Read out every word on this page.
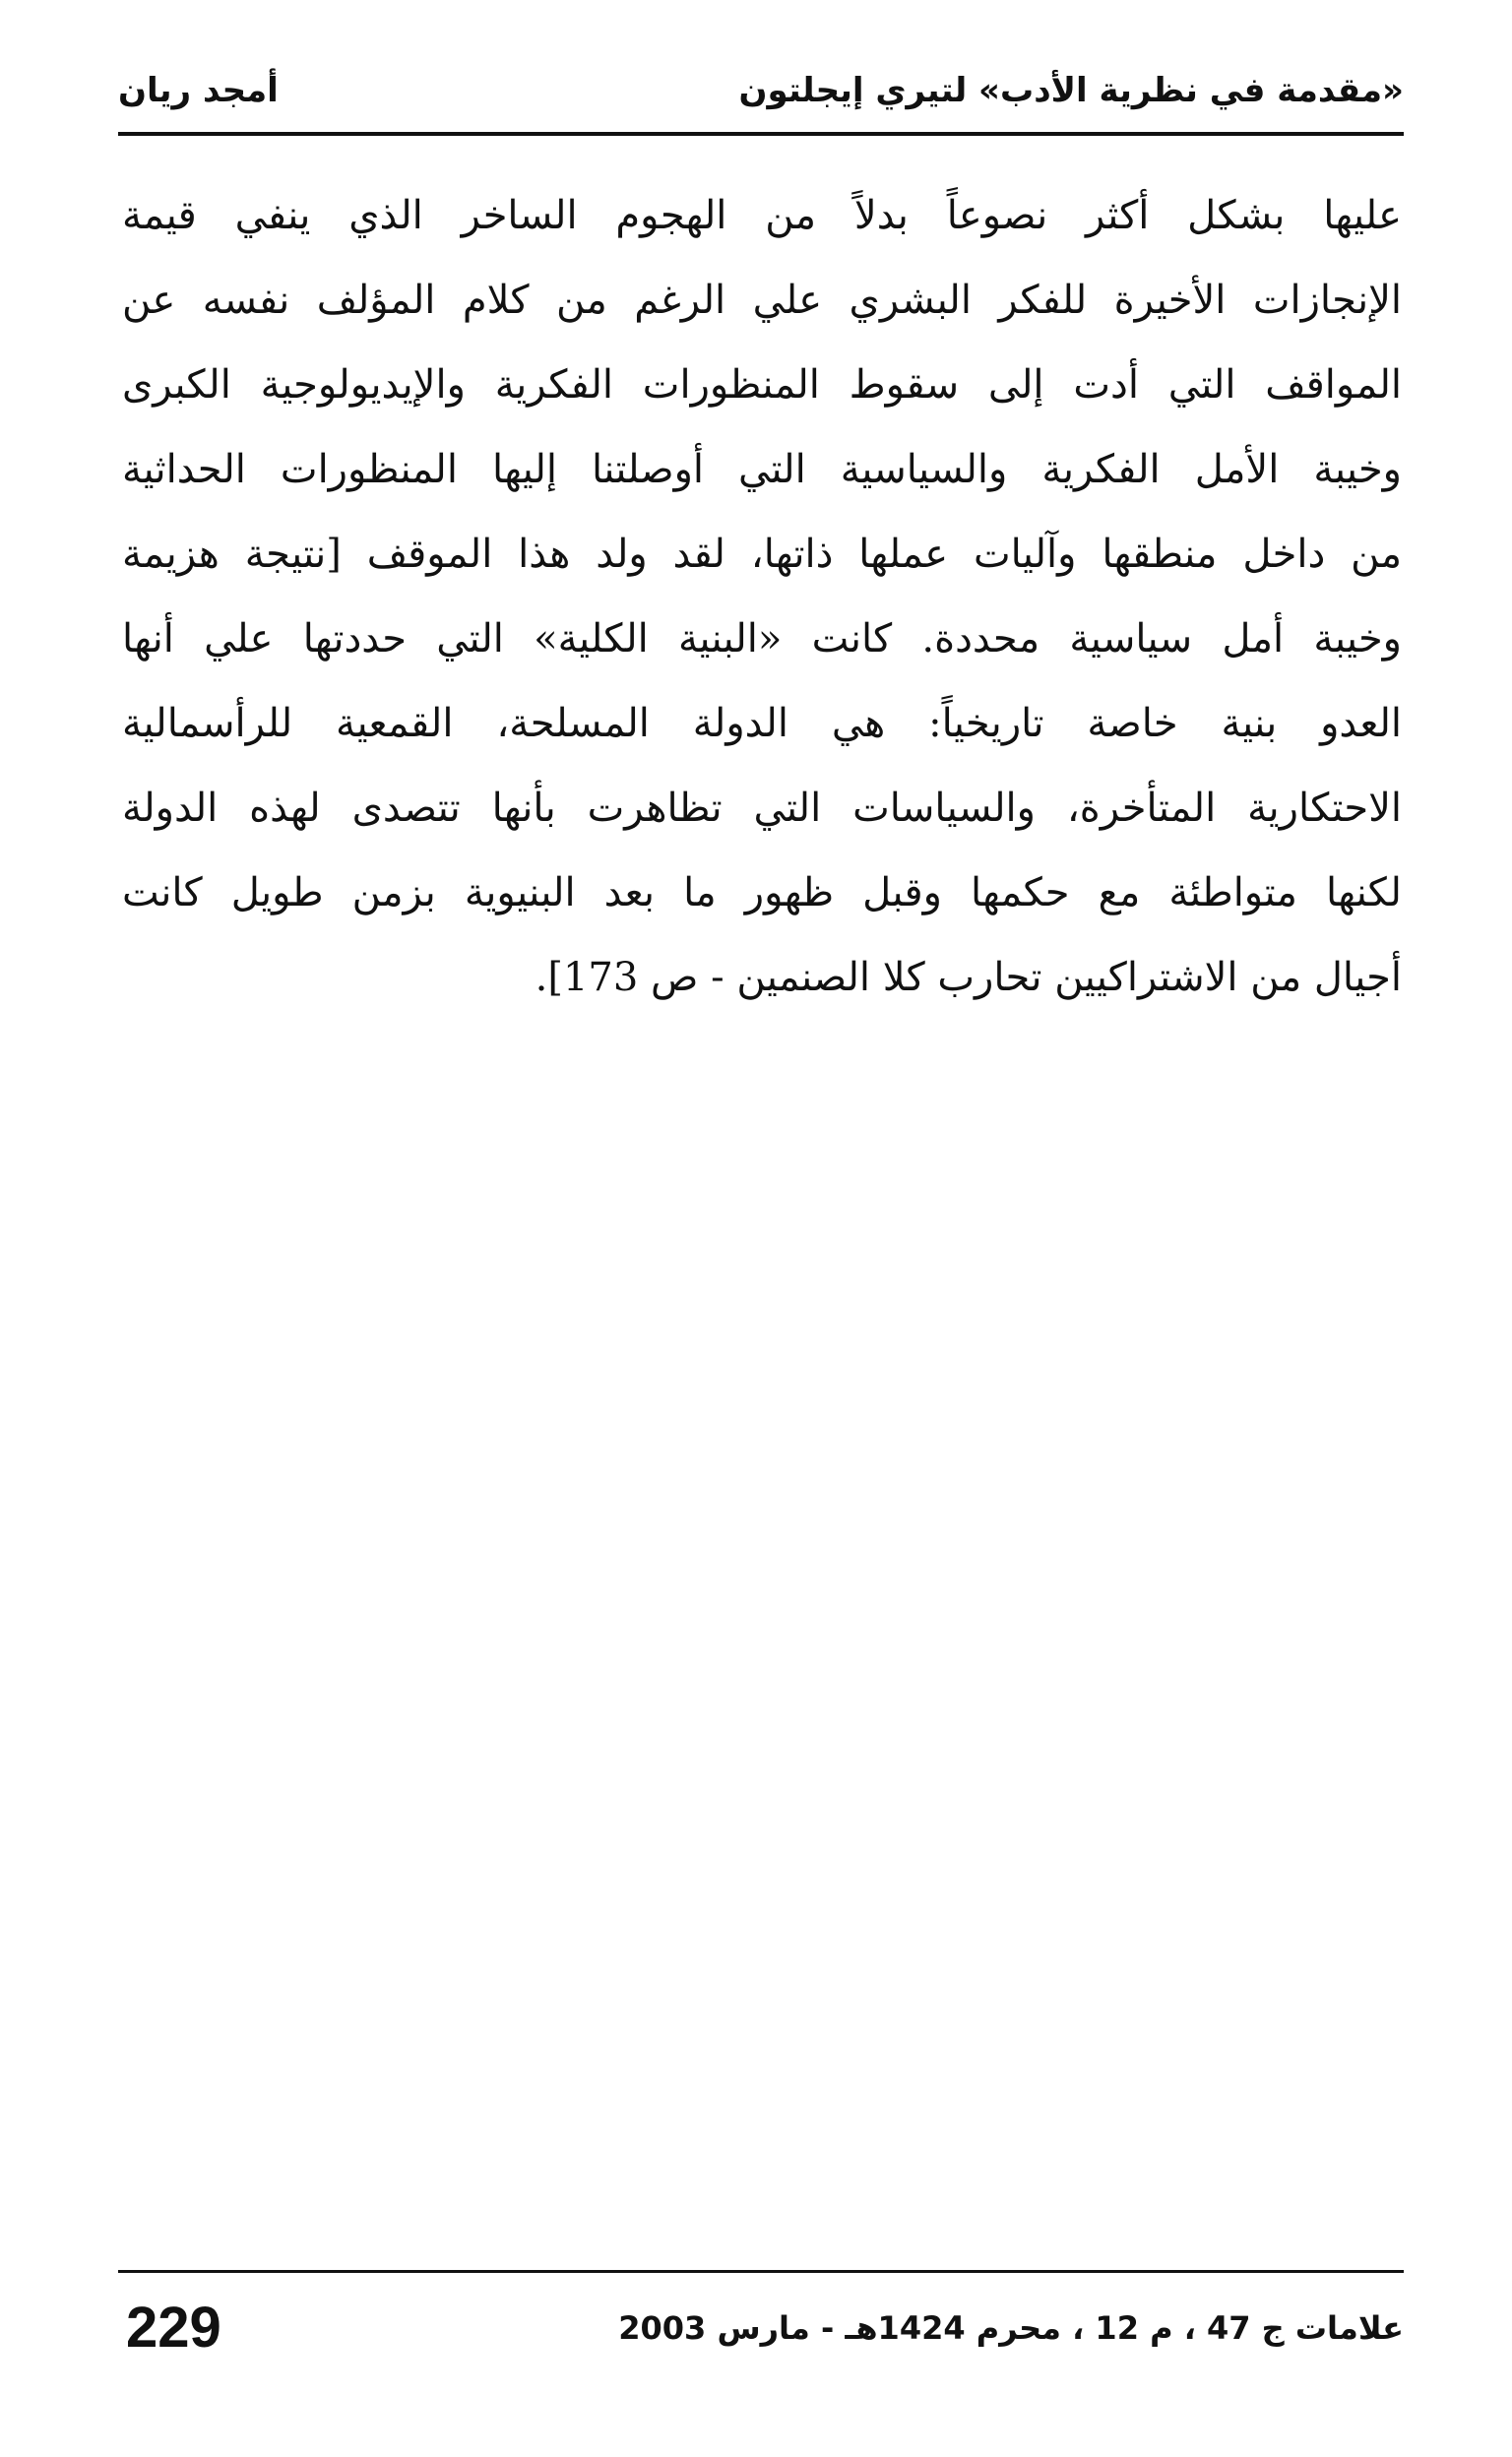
«مقدمة في نظرية الأدب» لتيري إيجلتون
أمجد ريان
عليها بشكل أكثر نصوعاً بدلاً من الهجوم الساخر الذي ينفي قيمة
الإنجازات الأخيرة للفكر البشري علي الرغم من كلام المؤلف نفسه عن
المواقف التي أدت إلى سقوط المنظورات الفكرية والإيديولوجية الكبرى
وخيبة الأمل الفكرية والسياسية التي أوصلتنا إليها المنظورات الحداثية
من داخل منطقها وآليات عملها ذاتها، لقد ولد هذا الموقف [نتيجة هزيمة
وخيبة أمل سياسية محددة. كانت «البنية الكلية» التي حددتها علي أنها
العدو بنية خاصة تاريخياً: هي الدولة المسلحة، القمعية للرأسمالية
الاحتكارية المتأخرة، والسياسات التي تظاهرت بأنها تتصدى لهذه الدولة
لكنها متواطئة مع حكمها وقبل ظهور ما بعد البنيوية بزمن طويل كانت
أجيال من الاشتراكيين تحارب كلا الصنمين - ص 173].
229	علامات ج 47 ، م 12 ، محرم 1424هـ - مارس 2003
